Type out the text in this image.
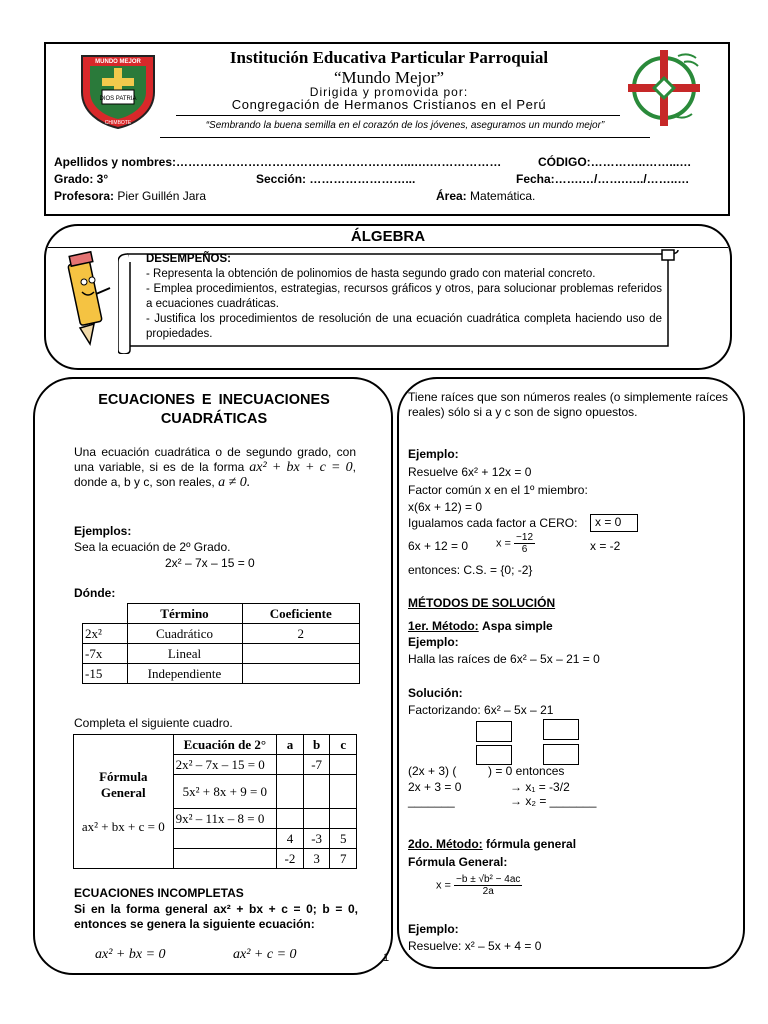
DIOS PATRIA
MUNDO MEJOR
CHIMBOTE
Institución Educativa Particular Parroquial
“Mundo Mejor”
Dirigida y promovida por:
Congregación de Hermanos Cristianos en el Perú
“Sembrando la buena semilla en el corazón de los jóvenes, aseguramos un mundo mejor”
Apellidos y nombres:…………………………………………………...….………………	CÓDIGO:…………..……...…
Grado: 3°	Sección: ……………………...	Fecha:…….…/…….…../……..…
Profesora: Pier Guillén Jara	Área: Matemática.
ÁLGEBRA
DESEMPEÑOS:
- Representa la obtención de polinomios de hasta segundo grado con material concreto.
- Emplea procedimientos, estrategias, recursos gráficos y otros, para solucionar problemas referidos a ecuaciones cuadráticas.
- Justifica los procedimientos de resolución de una ecuación cuadrática completa haciendo uso de propiedades.
ECUACIONES E INECUACIONES
CUADRÁTICAS
Una ecuación cuadrática o de segundo grado, con una variable, si es de la forma ax² + bx + c = 0, donde a, b y c, son reales, a ≠ 0.
Ejemplos:
Sea la ecuación de 2º Grado.
2x² – 7x – 15 = 0
Dónde:
	Término	Coeficiente
2x²	Cuadrático	2
-7x	Lineal	
-15	Independiente	
Completa el siguiente cuadro.
Fórmula General
ax² + bx + c = 0	Ecuación de 2°	a	b	c
	2x² – 7x – 15 = 0		-7	
	5x² + 8x + 9 = 0			
	9x² – 11x – 8 = 0			
		4	-3	5
		-2	3	7
ECUACIONES INCOMPLETAS
Si en la forma general ax² + bx + c = 0; b = 0, entonces se genera la siguiente ecuación:
ax² + bx = 0	ax² + c = 0
Tiene raíces que son números reales (o simplemente raíces reales) sólo si a y c son de signo opuestos.
Ejemplo:
Resuelve 6x² + 12x = 0
Factor común x en el 1º miembro:
x(6x + 12) = 0
Igualamos cada factor a CERO:	x = 0
6x + 12 = 0	$x = \frac{-12}{6}$	x = -2
entonces: C.S. = {0; -2}
MÉTODOS DE SOLUCIÓN
1er. Método: Aspa simple
Ejemplo:
Halla las raíces de 6x² – 5x – 21 = 0
Solución:
Factorizando: 6x² – 5x – 21
(2x + 3) (	) = 0 entonces
2x + 3 = 0	→ x₁ = -3/2
_______	→ x₂ = _______
2do. Método: fórmula general
Fórmula General:
$x = \frac{\text{−b ± √b² − 4ac}}{2a}$
Ejemplo:
Resuelve: x² – 5x + 4 = 0
1
